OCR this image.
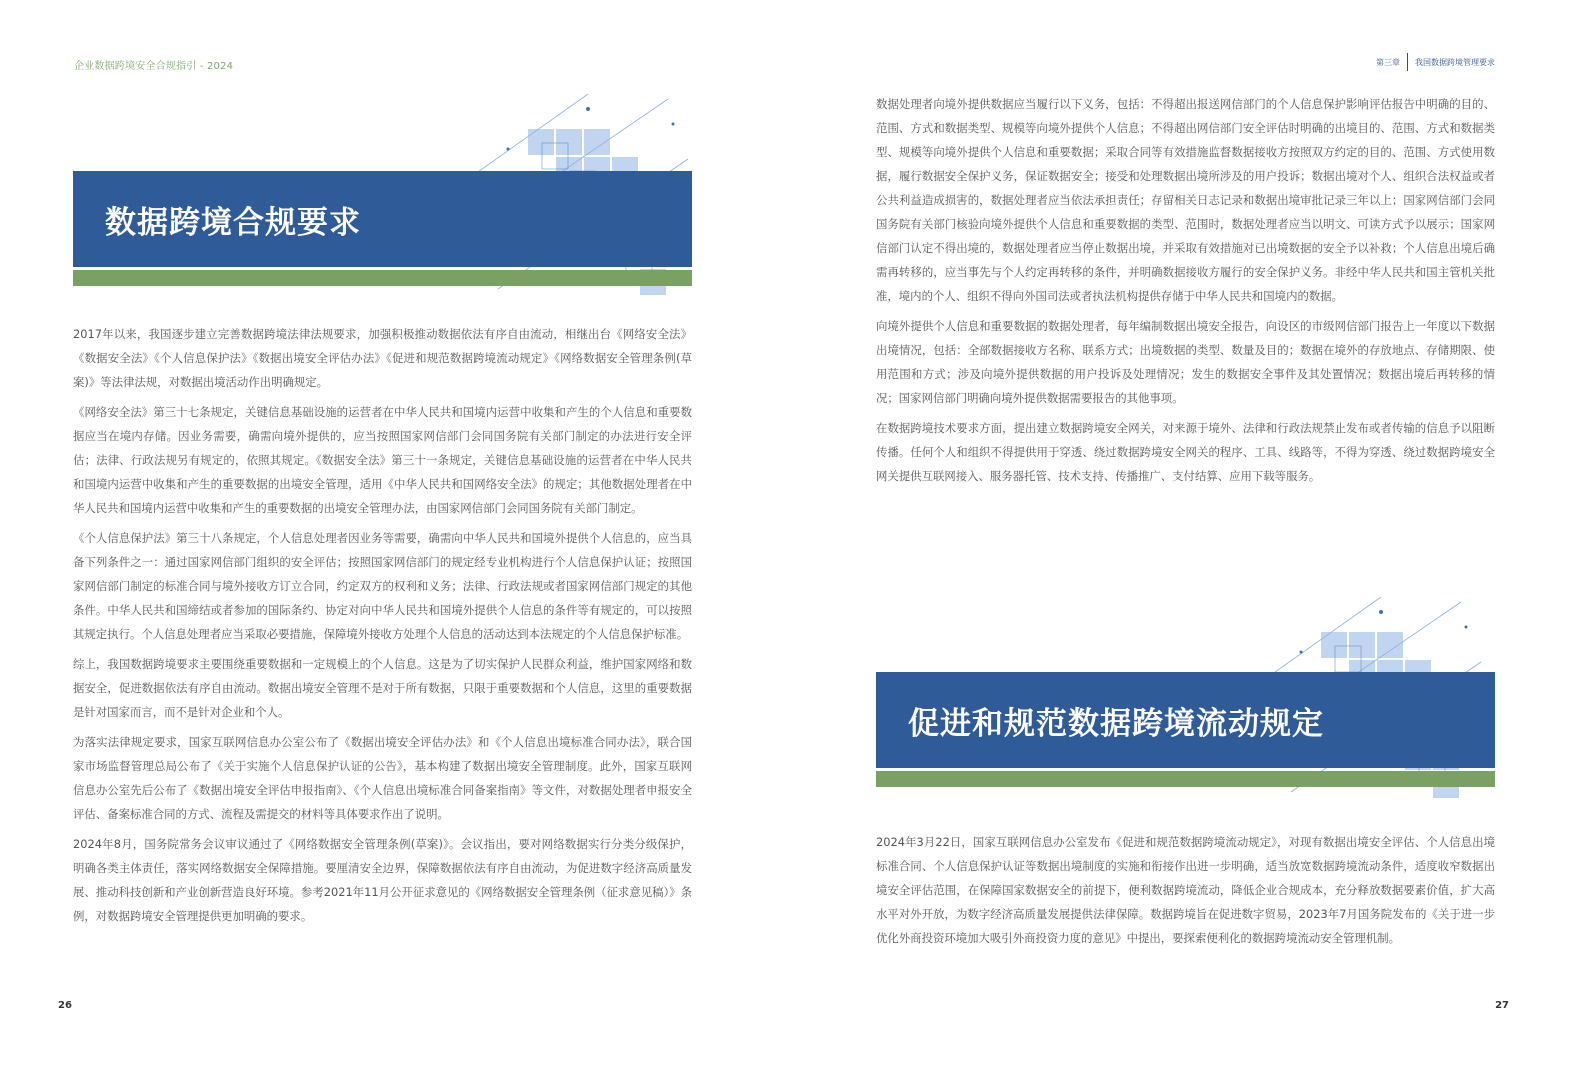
企业数据跨境安全合规指引 - 2024
数据跨境合规要求

2017年以来，我国逐步建立完善数据跨境法律法规要求，加强积极推动数据依法有序自由流动，相继出台《网络安全法》《数据安全法》《个人信息保护法》《数据出境安全评估办法》《促进和规范数据跨境流动规定》《网络数据安全管理条例(草案)》等法律法规，对数据出境活动作出明确规定。

《网络安全法》第三十七条规定，关键信息基础设施的运营者在中华人民共和国境内运营中收集和产生的个人信息和重要数据应当在境内存储。因业务需要，确需向境外提供的，应当按照国家网信部门会同国务院有关部门制定的办法进行安全评估；法律、行政法规另有规定的，依照其规定。《数据安全法》第三十一条规定，关键信息基础设施的运营者在中华人民共和国境内运营中收集和产生的重要数据的出境安全管理，适用《中华人民共和国网络安全法》的规定；其他数据处理者在中华人民共和国境内运营中收集和产生的重要数据的出境安全管理办法，由国家网信部门会同国务院有关部门制定。

《个人信息保护法》第三十八条规定，个人信息处理者因业务等需要，确需向中华人民共和国境外提供个人信息的，应当具备下列条件之一：通过国家网信部门组织的安全评估；按照国家网信部门的规定经专业机构进行个人信息保护认证；按照国家网信部门制定的标准合同与境外接收方订立合同，约定双方的权利和义务；法律、行政法规或者国家网信部门规定的其他条件。中华人民共和国缔结或者参加的国际条约、协定对向中华人民共和国境外提供个人信息的条件等有规定的，可以按照其规定执行。个人信息处理者应当采取必要措施，保障境外接收方处理个人信息的活动达到本法规定的个人信息保护标准。

综上，我国数据跨境要求主要围绕重要数据和一定规模上的个人信息。这是为了切实保护人民群众利益，维护国家网络和数据安全，促进数据依法有序自由流动。数据出境安全管理不是对于所有数据，只限于重要数据和个人信息，这里的重要数据是针对国家而言，而不是针对企业和个人。

为落实法律规定要求，国家互联网信息办公室公布了《数据出境安全评估办法》和《个人信息出境标准合同办法》，联合国家市场监督管理总局公布了《关于实施个人信息保护认证的公告》，基本构建了数据出境安全管理制度。此外，国家互联网信息办公室先后公布了《数据出境安全评估申报指南》、《个人信息出境标准合同备案指南》等文件，对数据处理者申报安全评估、备案标准合同的方式、流程及需提交的材料等具体要求作出了说明。

2024年8月，国务院常务会议审议通过了《网络数据安全管理条例(草案)》。会议指出，要对网络数据实行分类分级保护，明确各类主体责任，落实网络数据安全保障措施。要厘清安全边界，保障数据依法有序自由流动，为促进数字经济高质量发展、推动科技创新和产业创新营造良好环境。参考2021年11月公开征求意见的《网络数据安全管理条例（征求意见稿）》条例，对数据跨境安全管理提供更加明确的要求。

26
第三章 我国数据跨境管理要求

数据处理者向境外提供数据应当履行以下义务，包括：不得超出报送网信部门的个人信息保护影响评估报告中明确的目的、范围、方式和数据类型、规模等向境外提供个人信息；不得超出网信部门安全评估时明确的出境目的、范围、方式和数据类型、规模等向境外提供个人信息和重要数据；采取合同等有效措施监督数据接收方按照双方约定的目的、范围、方式使用数据，履行数据安全保护义务，保证数据安全；接受和处理数据出境所涉及的用户投诉；数据出境对个人、组织合法权益或者公共利益造成损害的，数据处理者应当依法承担责任；存留相关日志记录和数据出境审批记录三年以上；国家网信部门会同国务院有关部门核验向境外提供个人信息和重要数据的类型、范围时，数据处理者应当以明文、可读方式予以展示；国家网信部门认定不得出境的，数据处理者应当停止数据出境，并采取有效措施对已出境数据的安全予以补救；个人信息出境后确需再转移的，应当事先与个人约定再转移的条件，并明确数据接收方履行的安全保护义务。非经中华人民共和国主管机关批准，境内的个人、组织不得向外国司法或者执法机构提供存储于中华人民共和国境内的数据。

向境外提供个人信息和重要数据的数据处理者，每年编制数据出境安全报告，向设区的市级网信部门报告上一年度以下数据出境情况，包括：全部数据接收方名称、联系方式；出境数据的类型、数量及目的；数据在境外的存放地点、存储期限、使用范围和方式；涉及向境外提供数据的用户投诉及处理情况；发生的数据安全事件及其处置情况；数据出境后再转移的情况；国家网信部门明确向境外提供数据需要报告的其他事项。

在数据跨境技术要求方面，提出建立数据跨境安全网关，对来源于境外、法律和行政法规禁止发布或者传输的信息予以阻断传播。任何个人和组织不得提供用于穿透、绕过数据跨境安全网关的程序、工具、线路等，不得为穿透、绕过数据跨境安全网关提供互联网接入、服务器托管、技术支持、传播推广、支付结算、应用下载等服务。

促进和规范数据跨境流动规定

2024年3月22日，国家互联网信息办公室发布《促进和规范数据跨境流动规定》，对现有数据出境安全评估、个人信息出境标准合同、个人信息保护认证等数据出境制度的实施和衔接作出进一步明确，适当放宽数据跨境流动条件，适度收窄数据出境安全评估范围，在保障国家数据安全的前提下，便利数据跨境流动，降低企业合规成本，充分释放数据要素价值，扩大高水平对外开放，为数字经济高质量发展提供法律保障。数据跨境旨在促进数字贸易，2023年7月国务院发布的《关于进一步优化外商投资环境加大吸引外商投资力度的意见》中提出，要探索便利化的数据跨境流动安全管理机制。

27
